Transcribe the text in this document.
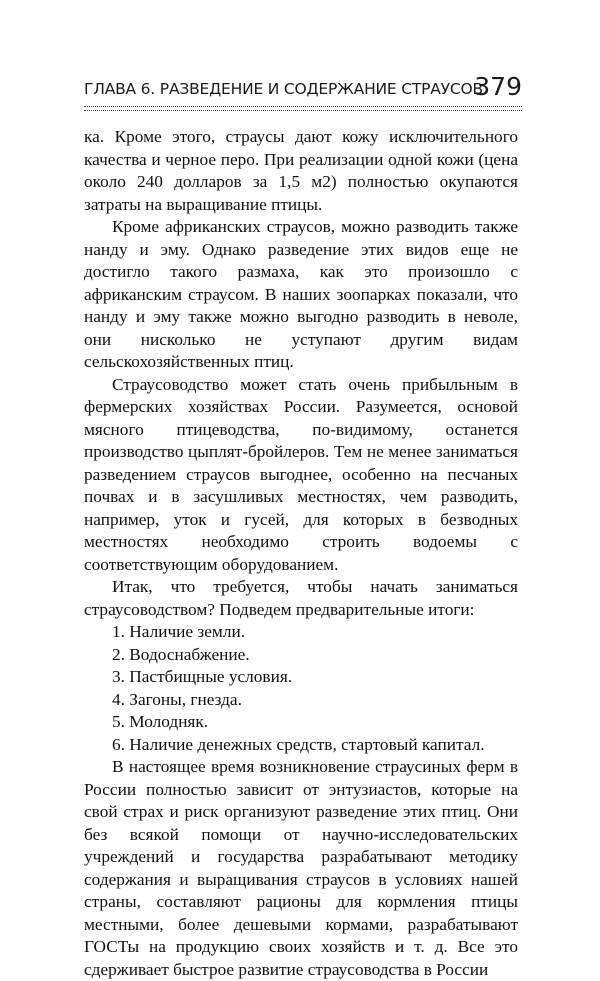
ГЛАВА 6. РАЗВЕДЕНИЕ И СОДЕРЖАНИЕ СТРАУСОВ
379

ка. Кроме этого, страусы дают кожу исключительного качества и черное перо. При реализации одной кожи (цена около 240 долларов за 1,5 м2) полностью окупаются затраты на выращивание птицы.

Кроме африканских страусов, можно разводить также нанду и эму. Однако разведение этих видов еще не достигло такого размаха, как это произошло с африканским страусом. В наших зоопарках показали, что нанду и эму также можно выгодно разводить в неволе, они нисколько не уступают другим видам сельскохозяйственных птиц.

Страусоводство может стать очень прибыльным в фермерских хозяйствах России. Разумеется, основой мясного птицеводства, по-видимому, останется производство цыплят-бройлеров. Тем не менее заниматься разведением страусов выгоднее, особенно на песчаных почвах и в засушливых местностях, чем разводить, например, уток и гусей, для которых в безводных местностях необходимо строить водоемы с соответствующим оборудованием.

Итак, что требуется, чтобы начать заниматься страусоводством? Подведем предварительные итоги:

1. Наличие земли.
2. Водоснабжение.
3. Пастбищные условия.
4. Загоны, гнезда.
5. Молодняк.
6. Наличие денежных средств, стартовый капитал.

В настоящее время возникновение страусиных ферм в России полностью зависит от энтузиастов, которые на свой страх и риск организуют разведение этих птиц. Они без всякой помощи от научно-исследовательских учреждений и государства разрабатывают методику содержания и выращивания страусов в условиях нашей страны, составляют рационы для кормления птицы местными, более дешевыми кормами, разрабатывают ГОСТы на продукцию своих хозяйств и т. д. Все это сдерживает быстрое развитие страусоводства в России
